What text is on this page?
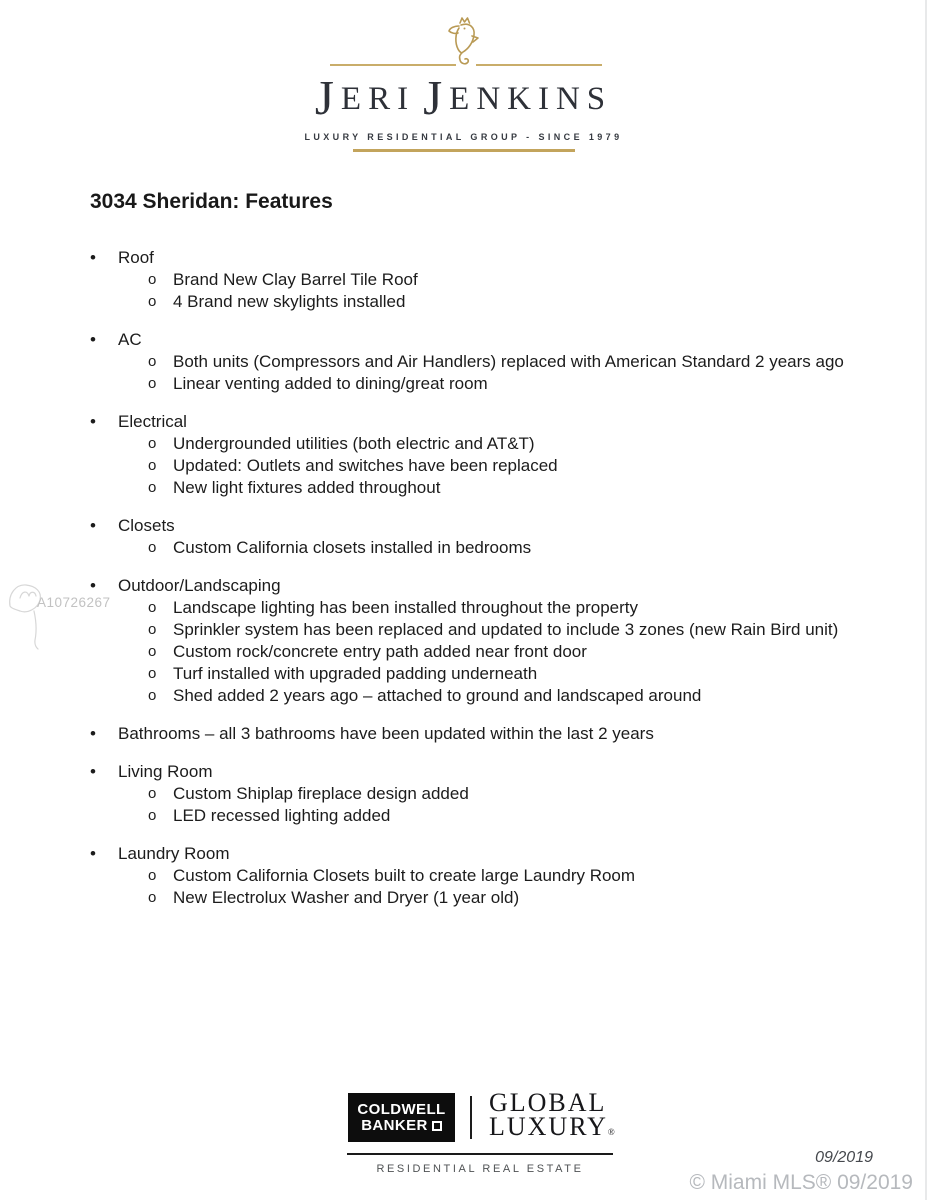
JERI JENKINS
LUXURY RESIDENTIAL GROUP - SINCE 1979
3034 Sheridan: Features
•	Roof
o Brand New Clay Barrel Tile Roof
o 4 Brand new skylights installed
•	AC
o Both units (Compressors and Air Handlers) replaced with American Standard 2 years ago
o Linear venting added to dining/great room
•	Electrical
o Undergrounded utilities (both electric and AT&T)
o Updated: Outlets and switches have been replaced
o New light fixtures added throughout
•	Closets
o Custom California closets installed in bedrooms
•	Outdoor/Landscaping
o Landscape lighting has been installed throughout the property
o Sprinkler system has been replaced and updated to include 3 zones (new Rain Bird unit)
o Custom rock/concrete entry path added near front door
o Turf installed with upgraded padding underneath
o Shed added 2 years ago – attached to ground and landscaped around
•	Bathrooms – all 3 bathrooms have been updated within the last 2 years
•	Living Room
o Custom Shiplap fireplace design added
o LED recessed lighting added
•	Laundry Room
o Custom California Closets built to create large Laundry Room
o New Electrolux Washer and Dryer (1 year old)
A10726267
COLDWELL
BANKER
GLOBAL
LUXURY®
RESIDENTIAL REAL ESTATE
09/2019
© Miami MLS® 09/2019
